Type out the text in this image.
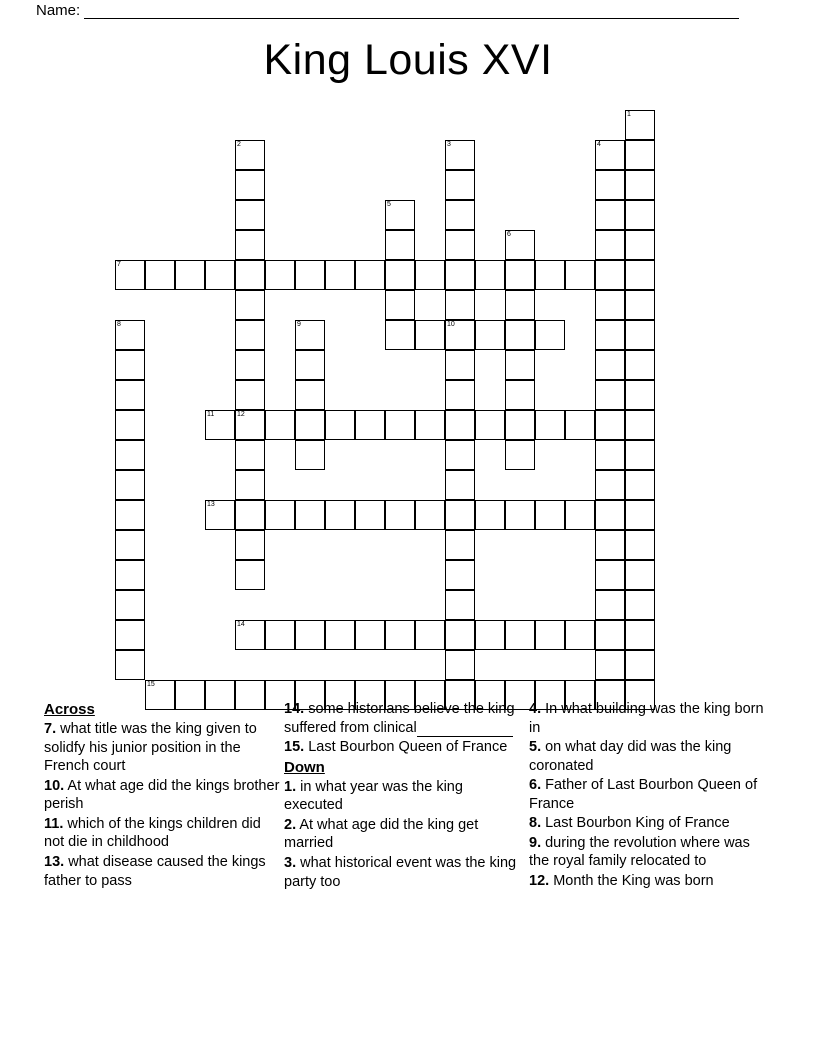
Name:
King Louis XVI
1
2	3	4
5
6
7
8	9	10
11	12
13
14
15
Across
7. what title was the king given to solidfy his junior position in the French court
10. At what age did the kings brother perish
11. which of the kings children did not die in childhood
13. what disease caused the kings father to pass
14. some historians believe the king suffered from clinical
15. Last Bourbon Queen of France
Down
1. in what year was the king executed
2. At what age did the king get married
3. what historical event was the king party too
4. In what building was the king born in
5. on what day did was the king coronated
6. Father of Last Bourbon Queen of France
8. Last Bourbon King of France
9. during the revolution where was the royal family relocated to
12. Month the King was born
